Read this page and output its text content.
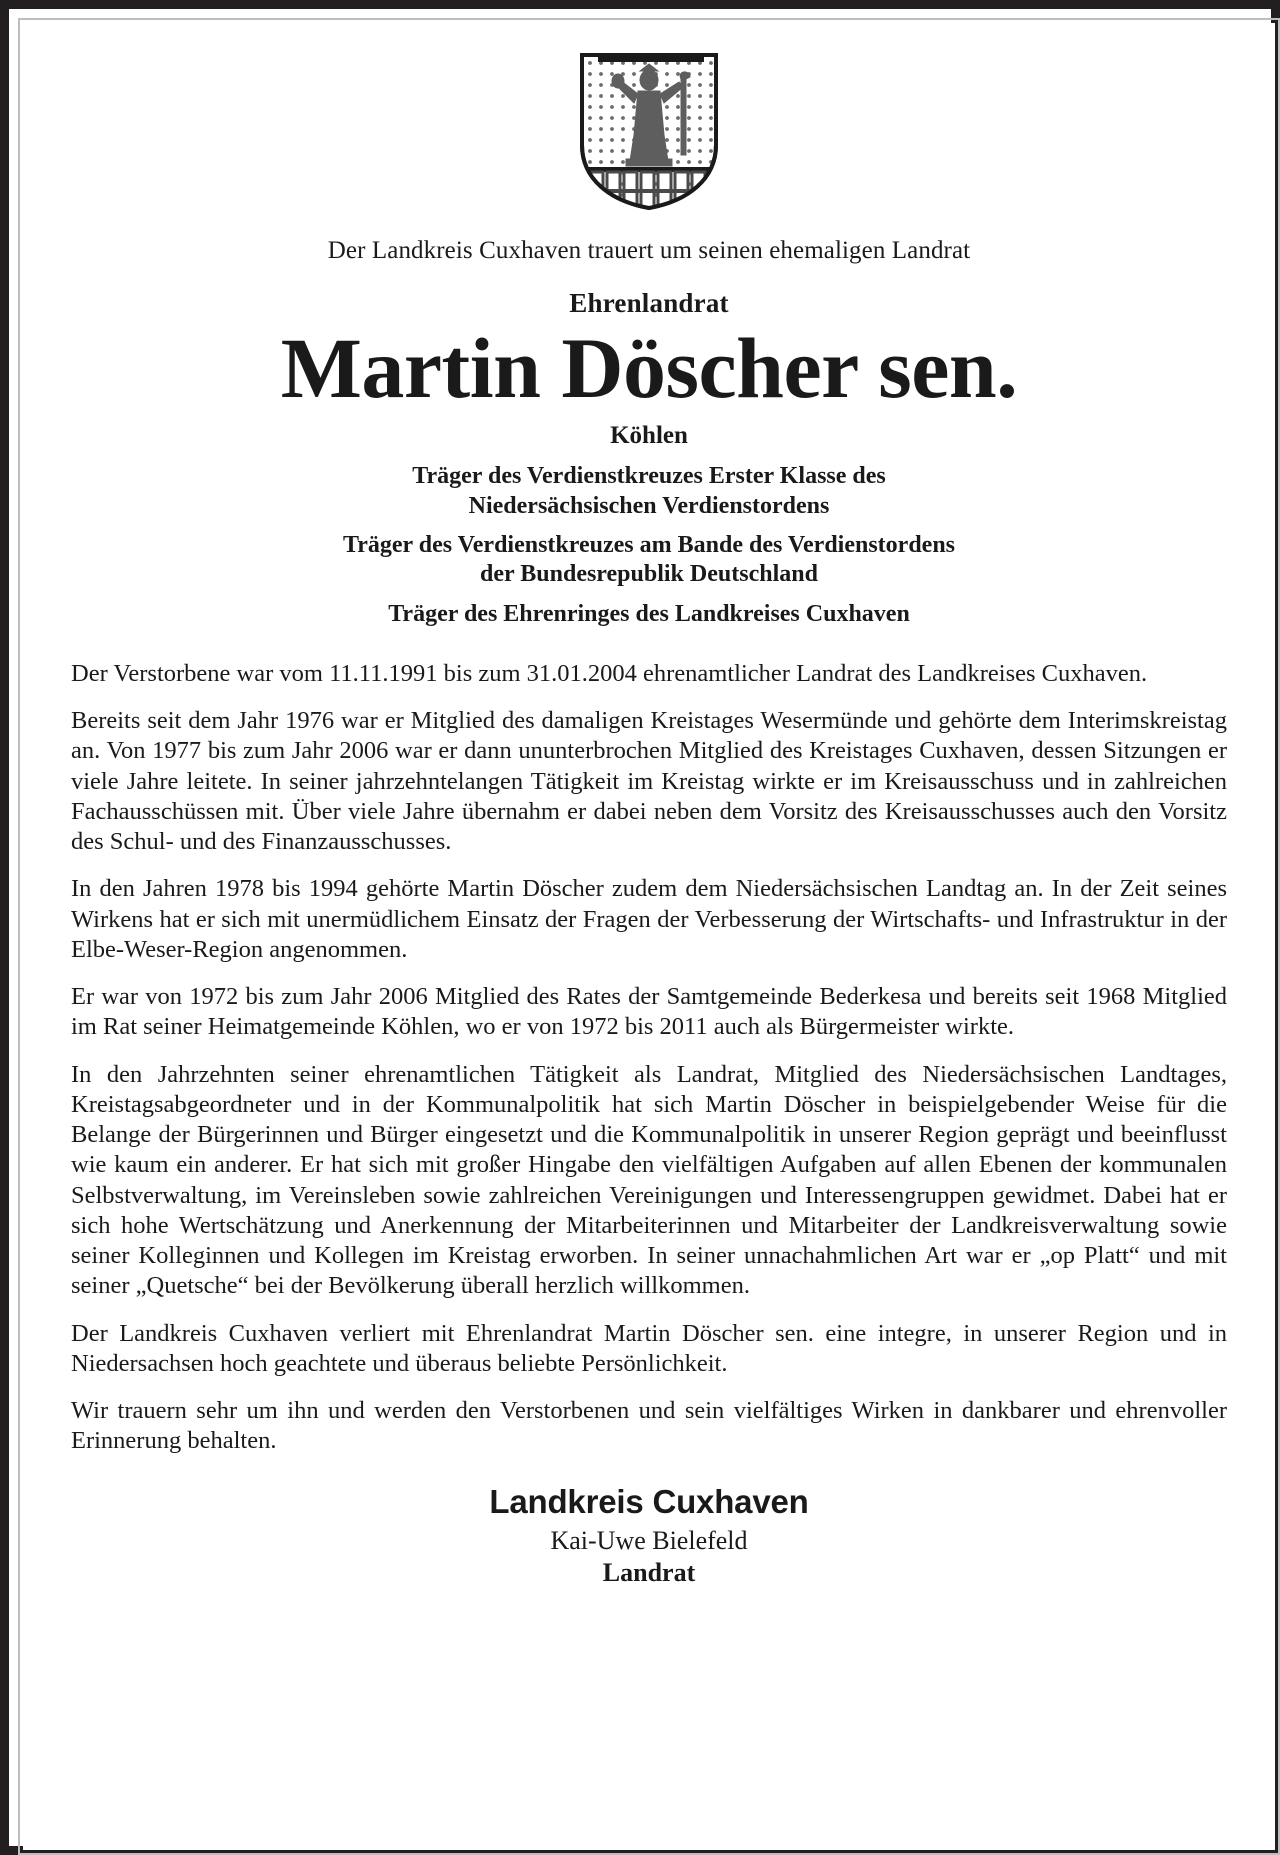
Der Landkreis Cuxhaven trauert um seinen ehemaligen Landrat
Ehrenlandrat
Martin Döscher sen.
Köhlen
Träger des Verdienstkreuzes Erster Klasse des
Niedersächsischen Verdienstordens
Träger des Verdienstkreuzes am Bande des Verdienstordens
der Bundesrepublik Deutschland
Träger des Ehrenringes des Landkreises Cuxhaven

Der Verstorbene war vom 11.11.1991 bis zum 31.01.2004 ehrenamtlicher Landrat des Landkreises Cuxhaven.

Bereits seit dem Jahr 1976 war er Mitglied des damaligen Kreistages Wesermünde und gehörte dem Interimskreistag an. Von 1977 bis zum Jahr 2006 war er dann ununterbrochen Mitglied des Kreistages Cuxhaven, dessen Sitzungen er viele Jahre leitete. In seiner jahrzehntelangen Tätigkeit im Kreistag wirkte er im Kreisausschuss und in zahlreichen Fachausschüssen mit. Über viele Jahre übernahm er dabei neben dem Vorsitz des Kreisausschusses auch den Vorsitz des Schul- und des Finanzausschusses.

In den Jahren 1978 bis 1994 gehörte Martin Döscher zudem dem Niedersächsischen Landtag an. In der Zeit seines Wirkens hat er sich mit unermüdlichem Einsatz der Fragen der Verbesserung der Wirtschafts- und Infrastruktur in der Elbe-Weser-Region angenommen.

Er war von 1972 bis zum Jahr 2006 Mitglied des Rates der Samtgemeinde Bederkesa und bereits seit 1968 Mitglied im Rat seiner Heimatgemeinde Köhlen, wo er von 1972 bis 2011 auch als Bürgermeister wirkte.

In den Jahrzehnten seiner ehrenamtlichen Tätigkeit als Landrat, Mitglied des Niedersächsischen Landtages, Kreistagsabgeordneter und in der Kommunalpolitik hat sich Martin Döscher in beispielgebender Weise für die Belange der Bürgerinnen und Bürger eingesetzt und die Kommunalpolitik in unserer Region geprägt und beeinflusst wie kaum ein anderer. Er hat sich mit großer Hingabe den vielfältigen Aufgaben auf allen Ebenen der kommunalen Selbstverwaltung, im Vereinsleben sowie zahlreichen Vereinigungen und Interessengruppen gewidmet. Dabei hat er sich hohe Wertschätzung und Anerkennung der Mitarbeiterinnen und Mitarbeiter der Landkreisverwaltung sowie seiner Kolleginnen und Kollegen im Kreistag erworben. In seiner unnachahmlichen Art war er „op Platt“ und mit seiner „Quetsche“ bei der Bevölkerung überall herzlich willkommen.

Der Landkreis Cuxhaven verliert mit Ehrenlandrat Martin Döscher sen. eine integre, in unserer Region und in Niedersachsen hoch geachtete und überaus beliebte Persönlichkeit.

Wir trauern sehr um ihn und werden den Verstorbenen und sein vielfältiges Wirken in dankbarer und ehrenvoller Erinnerung behalten.

Landkreis Cuxhaven
Kai-Uwe Bielefeld
Landrat
